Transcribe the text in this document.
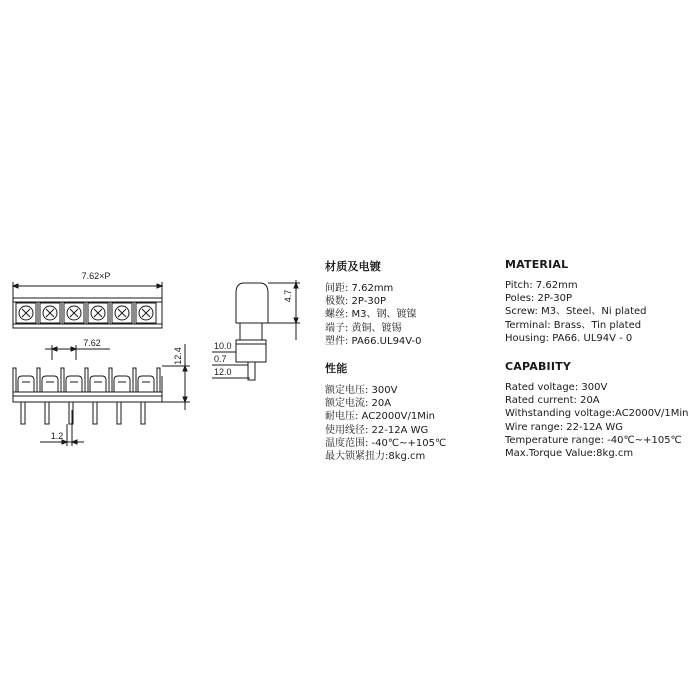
7.62×P
7.62
12.4
1.2
4.7
10.0
0.7
12.0
材质及电镀
间距: 7.62mm
极数: 2P-30P
螺丝: M3、钢、镀镍
端子: 黄铜、镀锡
塑件: PA66.UL94V-0
性能
额定电压: 300V
额定电流: 20A
耐电压: AC2000V/1Min
使用线径: 22-12A WG
温度范围: -40℃~+105℃
最大锁紧扭力:8kg.cm
MATERIAL
Pitch: 7.62mm
Poles: 2P-30P
Screw: M3、Steel、Ni plated
Terminal: Brass、Tin plated
Housing: PA66. UL94V - 0
CAPABIITY
Rated voltage: 300V
Rated current: 20A
Withstanding voltage:AC2000V/1Min
Wire range: 22-12A WG
Temperature range: -40℃~+105℃
Max.Torque Value:8kg.cm
